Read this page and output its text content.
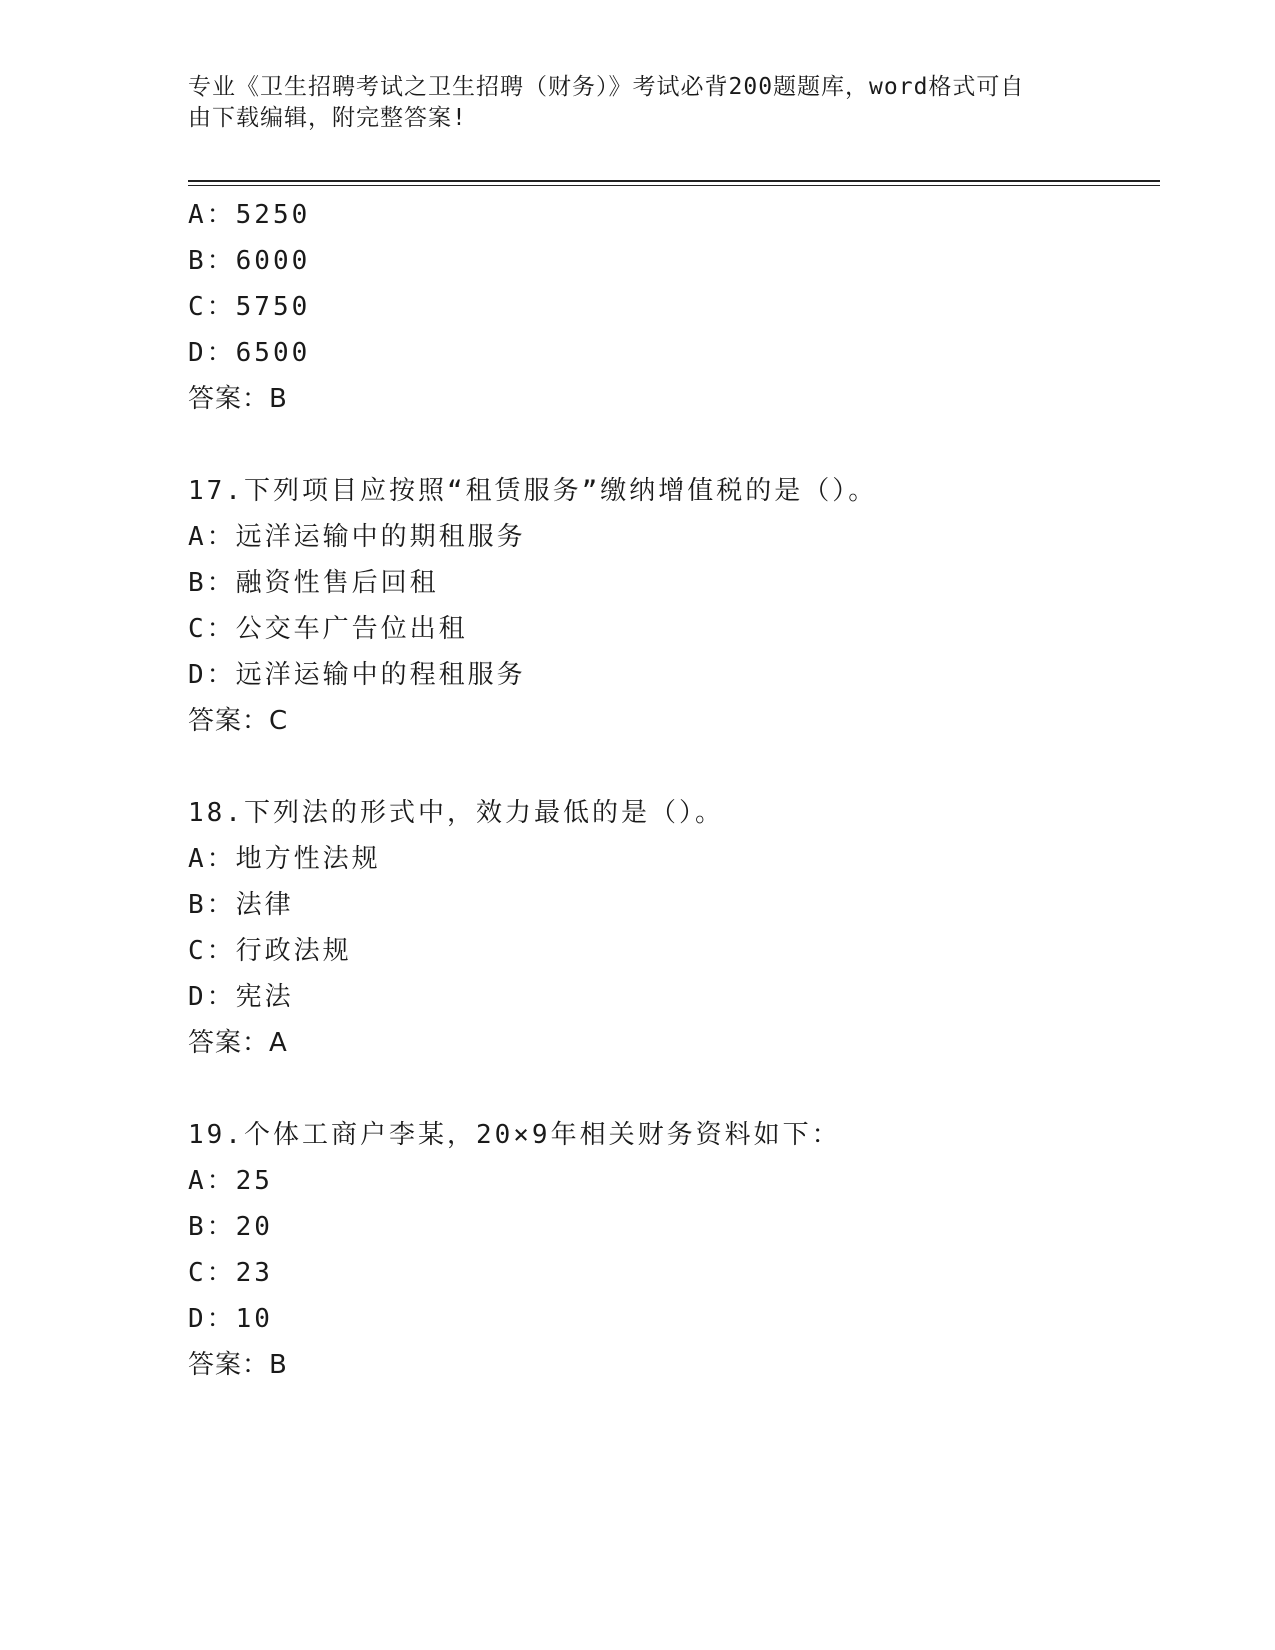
专业《卫生招聘考试之卫生招聘（财务）》考试必背200题题库，word格式可自
由下载编辑，附完整答案!
A：5250
B：6000
C：5750
D：6500
答案：B
17.下列项目应按照“租赁服务”缴纳增值税的是（）。
A：远洋运输中的期租服务
B：融资性售后回租
C：公交车广告位出租
D：远洋运输中的程租服务
答案：C
18.下列法的形式中，效力最低的是（）。
A：地方性法规
B：法律
C：行政法规
D：宪法
答案：A
19.个体工商户李某，20×9年相关财务资料如下：
A：25
B：20
C：23
D：10
答案：B
